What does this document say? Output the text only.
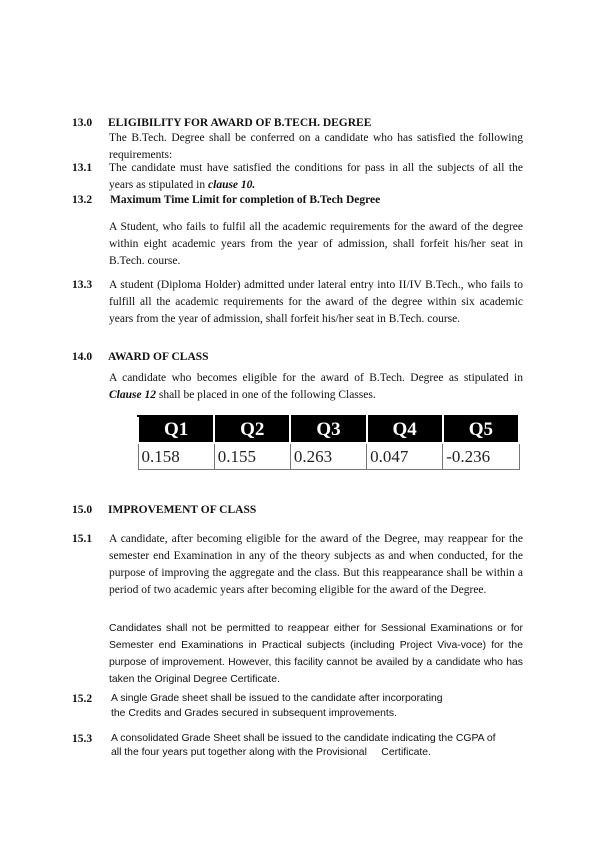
13.0 ELIGIBILITY FOR AWARD OF B.TECH. DEGREE
The B.Tech. Degree shall be conferred on a candidate who has satisfied the following requirements:
13.1 The candidate must have satisfied the conditions for pass in all the subjects of all the years as stipulated in clause 10.
13.2 Maximum Time Limit for completion of B.Tech Degree
A Student, who fails to fulfil all the academic requirements for the award of the degree within eight academic years from the year of admission, shall forfeit his/her seat in B.Tech. course.
13.3 A student (Diploma Holder) admitted under lateral entry into II/IV B.Tech., who fails to fulfill all the academic requirements for the award of the degree within six academic years from the year of admission, shall forfeit his/her seat in B.Tech. course.
14.0 AWARD OF CLASS
A candidate who becomes eligible for the award of B.Tech. Degree as stipulated in Clause 12 shall be placed in one of the following Classes.
Q1	Q2	Q3	Q4	Q5
0.158	0.155	0.263	0.047	-0.236
15.0 IMPROVEMENT OF CLASS
15.1 A candidate, after becoming eligible for the award of the Degree, may reappear for the semester end Examination in any of the theory subjects as and when conducted, for the purpose of improving the aggregate and the class. But this reappearance shall be within a period of two academic years after becoming eligible for the award of the Degree.
Candidates shall not be permitted to reappear either for Sessional Examinations or for Semester end Examinations in Practical subjects (including Project Viva-voce) for the purpose of improvement. However, this facility cannot be availed by a candidate who has taken the Original Degree Certificate.
15.2 A single Grade sheet shall be issued to the candidate after incorporating
the Credits and Grades secured in subsequent improvements.
15.3 A consolidated Grade Sheet shall be issued to the candidate indicating the CGPA of
all the four years put together along with the Provisional     Certificate.
